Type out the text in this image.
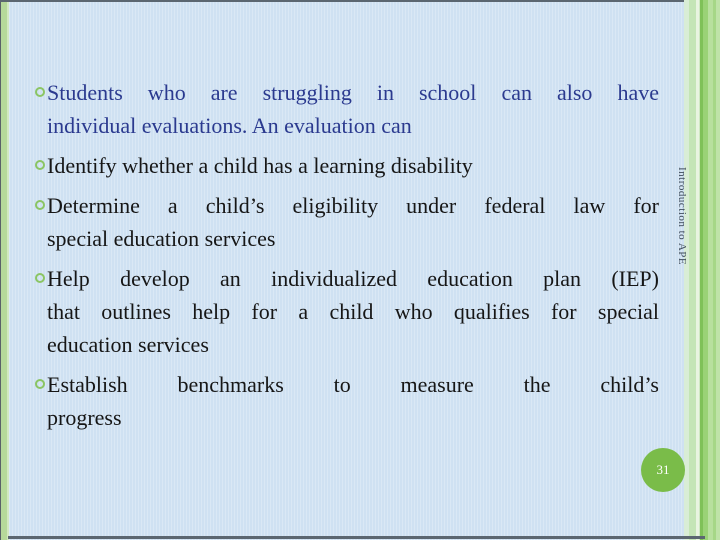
Students who are struggling in school can also have
individual evaluations. An evaluation can
Identify whether a child has a learning disability
Determine a child’s eligibility under federal law for
special education services
Help develop an individualized education plan (IEP)
that outlines help for a child who qualifies for special
education services
Establish benchmarks to measure the child’s
progress
Introduction to APE
31
